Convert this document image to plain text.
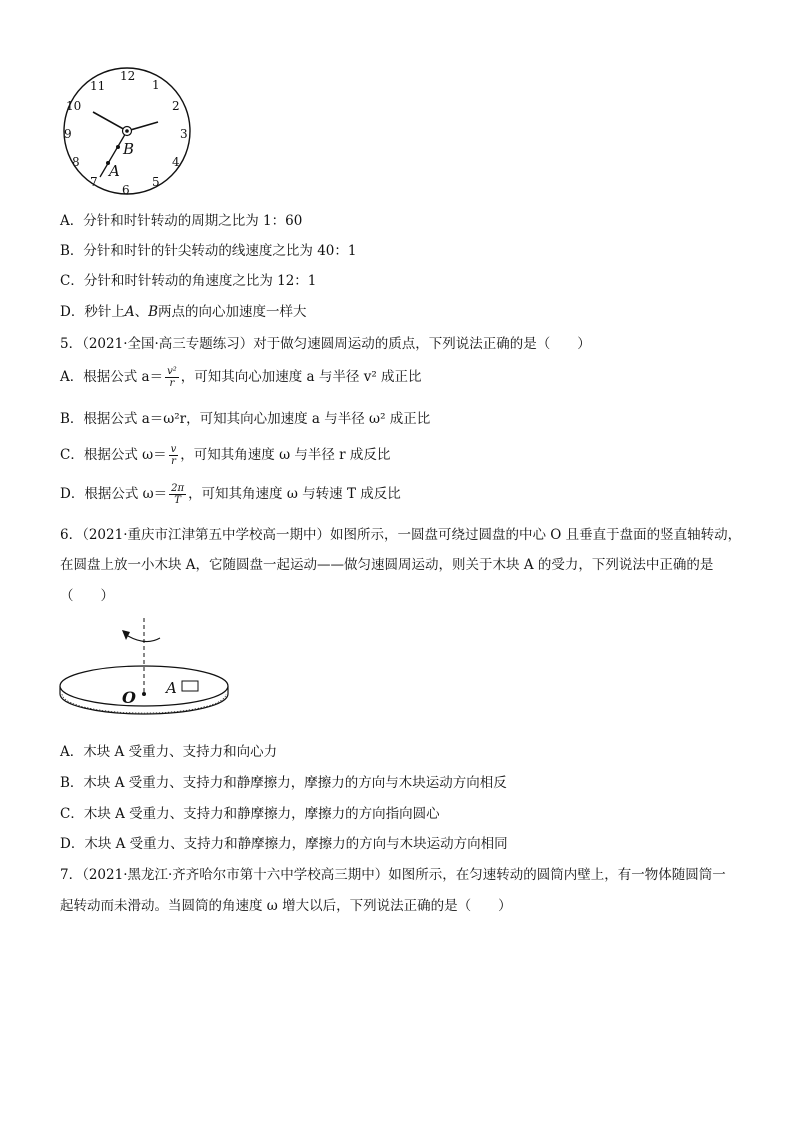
12
1
2
3
4
5
6
7
8
9
10
11
B
A
A．分针和时针转动的周期之比为 1：60
B．分针和时针的针尖转动的线速度之比为 40：1
C．分针和时针转动的角速度之比为 12：1
D．秒针上A、B两点的向心加速度一样大
5．（2021·全国·高三专题练习）对于做匀速圆周运动的质点，下列说法正确的是（　　）
A．根据公式 $a= \frac{\text{v²}}{r}$ ，可知其向心加速度 a 与半径 v² 成正比
B．根据公式 a＝ω²r，可知其向心加速度 a 与半径 ω² 成正比
C．根据公式 $\omega= \frac{v}{r}$ ，可知其角速度 ω 与半径 r 成反比
D．根据公式 $\omega= \frac{2\pi}{T}$ ，可知其角速度 ω 与转速 T 成反比
6．（2021·重庆市江津第五中学校高一期中）如图所示，一圆盘可绕过圆盘的中心 O 且垂直于盘面的竖直轴转动，
在圆盘上放一小木块 A，它随圆盘一起运动——做匀速圆周运动，则关于木块 A 的受力，下列说法中正确的是
（　　）
O A
A．木块 A 受重力、支持力和向心力
B．木块 A 受重力、支持力和静摩擦力，摩擦力的方向与木块运动方向相反
C．木块 A 受重力、支持力和静摩擦力，摩擦力的方向指向圆心
D．木块 A 受重力、支持力和静摩擦力，摩擦力的方向与木块运动方向相同
7．（2021·黑龙江·齐齐哈尔市第十六中学校高三期中）如图所示，在匀速转动的圆筒内壁上，有一物体随圆筒一
起转动而未滑动。当圆筒的角速度 ω 增大以后，下列说法正确的是（　　）
